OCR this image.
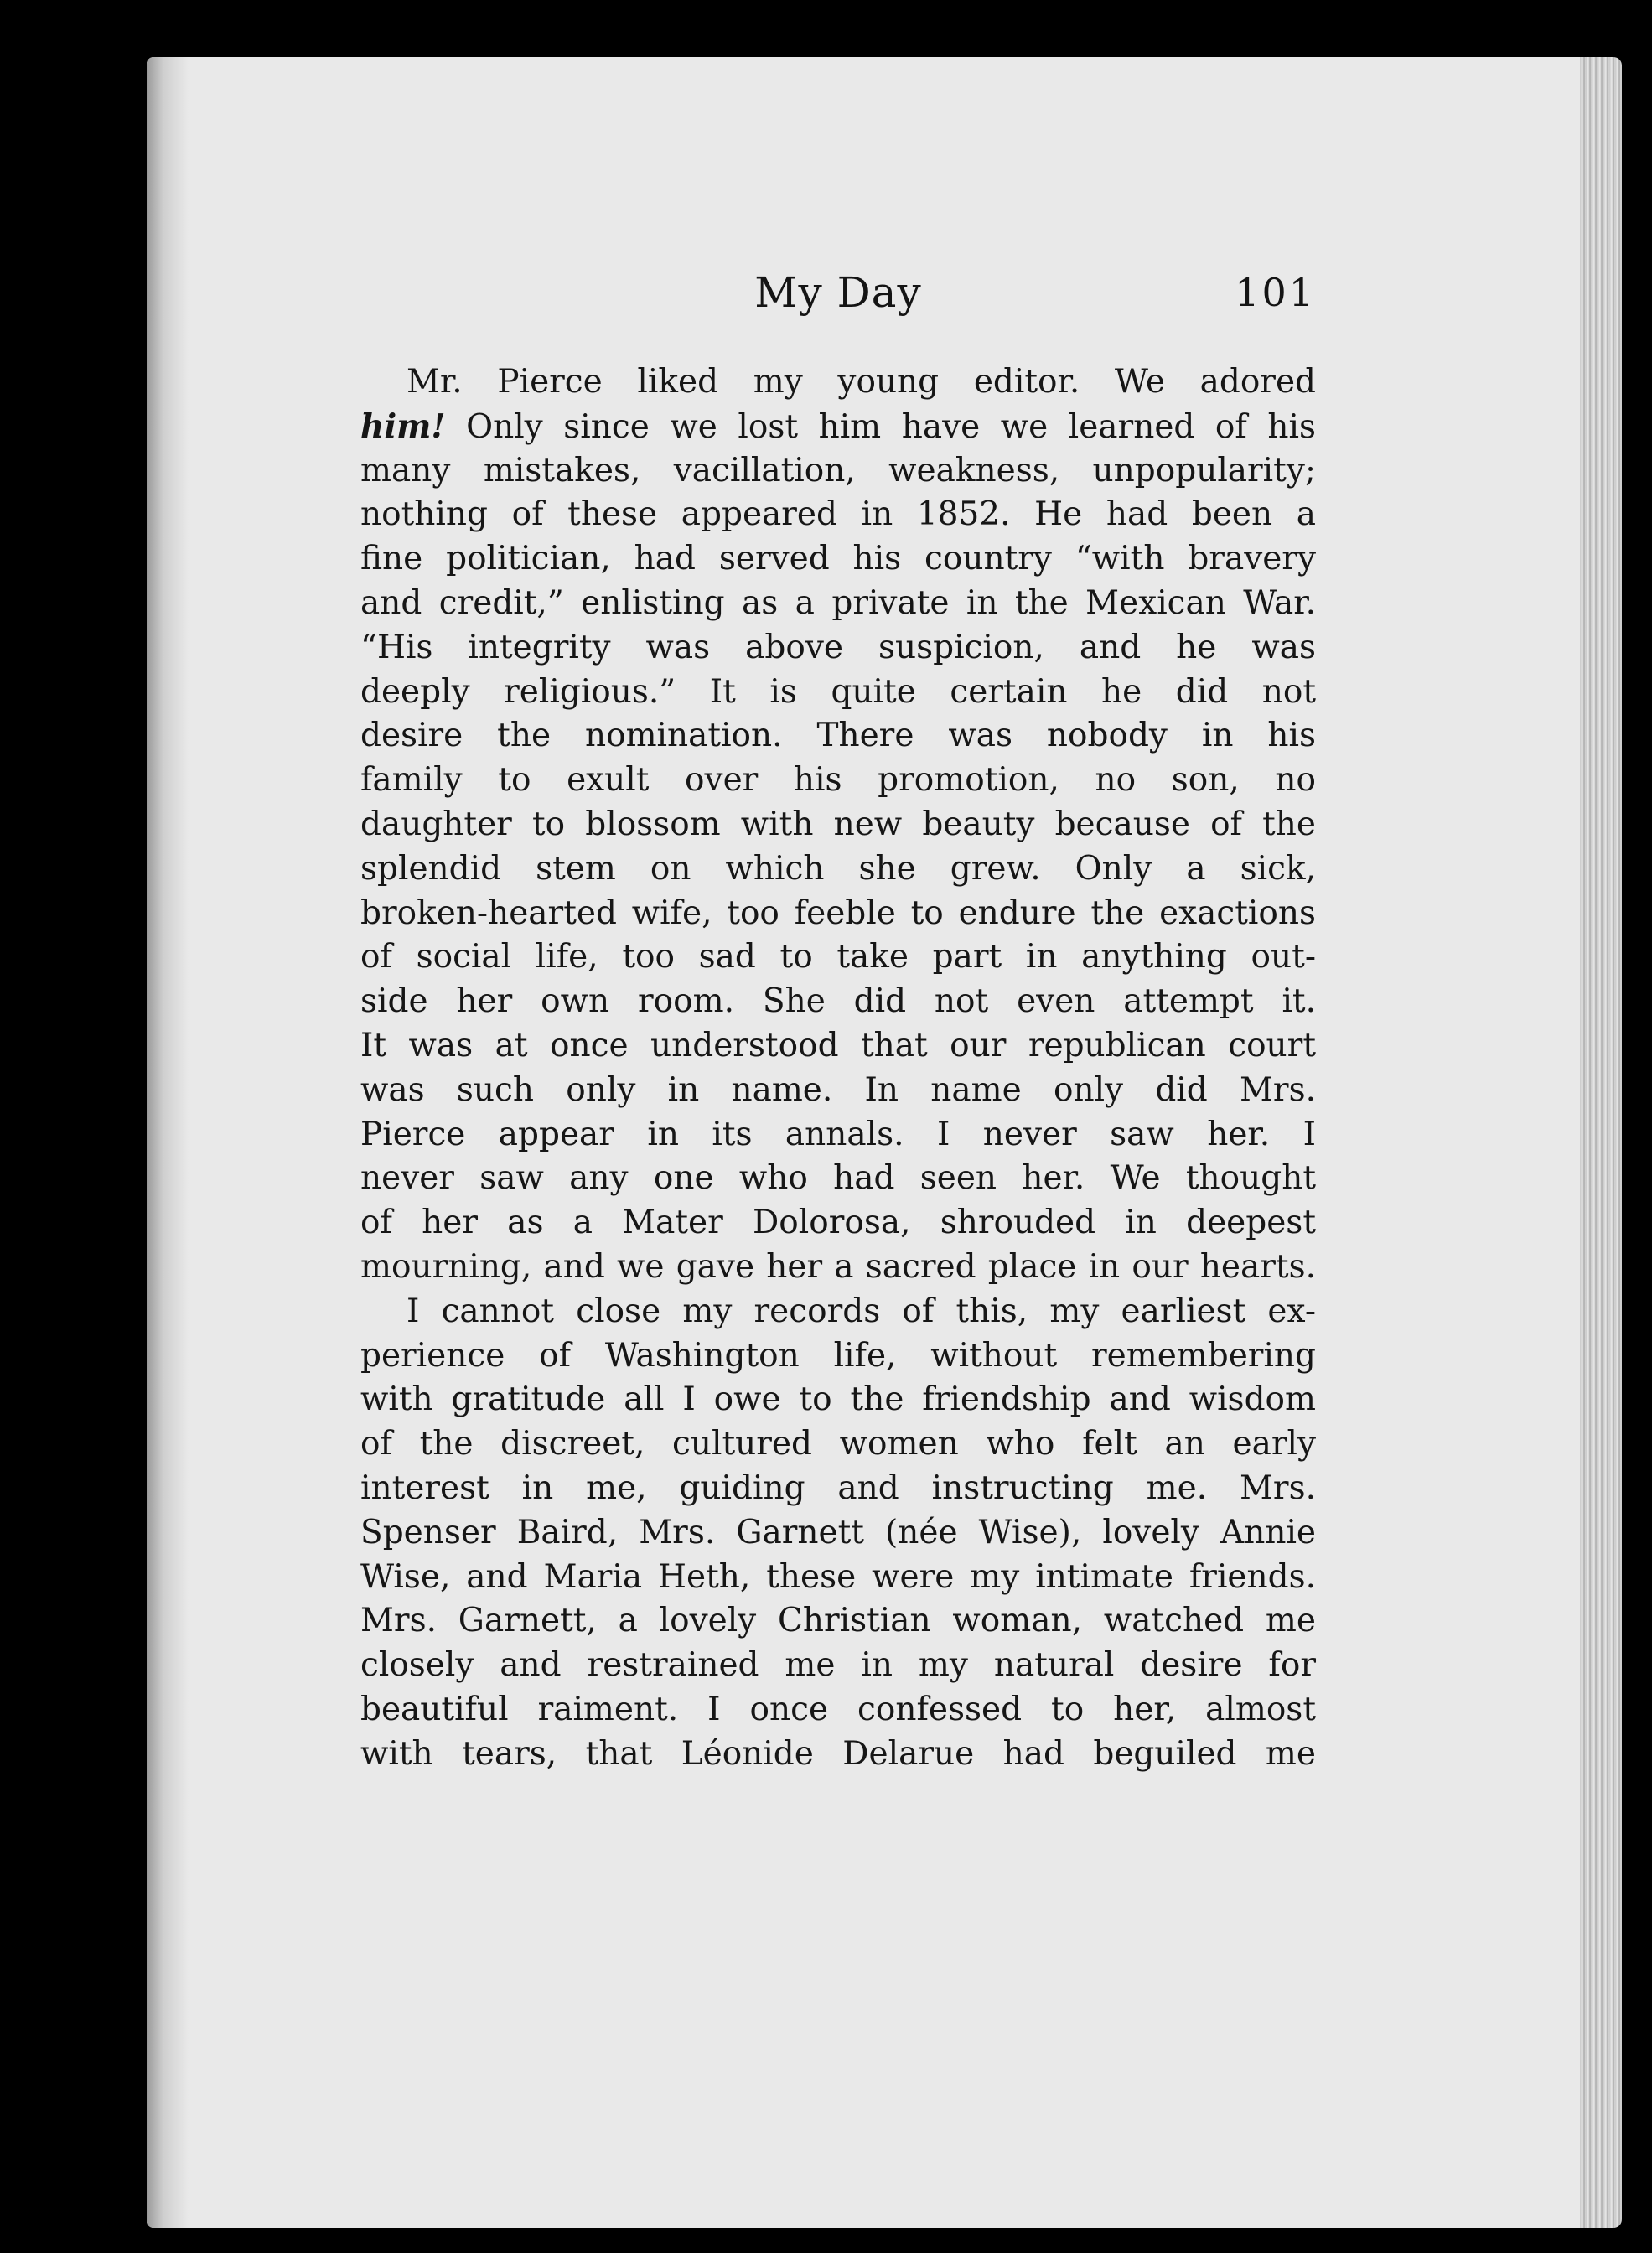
My Day	101
Mr. Pierce liked my young editor. We adored
him! Only since we lost him have we learned of his
many mistakes, vacillation, weakness, unpopularity;
nothing of these appeared in 1852. He had been a
fine politician, had served his country “with bravery
and credit,” enlisting as a private in the Mexican War.
“His integrity was above suspicion, and he was
deeply religious.” It is quite certain he did not
desire the nomination. There was nobody in his
family to exult over his promotion, no son, no
daughter to blossom with new beauty because of the
splendid stem on which she grew. Only a sick,
broken-hearted wife, too feeble to endure the exactions
of social life, too sad to take part in anything out-
side her own room. She did not even attempt it.
It was at once understood that our republican court
was such only in name. In name only did Mrs.
Pierce appear in its annals. I never saw her. I
never saw any one who had seen her. We thought
of her as a Mater Dolorosa, shrouded in deepest
mourning, and we gave her a sacred place in our hearts.
I cannot close my records of this, my earliest ex-
perience of Washington life, without remembering
with gratitude all I owe to the friendship and wisdom
of the discreet, cultured women who felt an early
interest in me, guiding and instructing me. Mrs.
Spenser Baird, Mrs. Garnett (née Wise), lovely Annie
Wise, and Maria Heth, these were my intimate friends.
Mrs. Garnett, a lovely Christian woman, watched me
closely and restrained me in my natural desire for
beautiful raiment. I once confessed to her, almost
with tears, that Léonide Delarue had beguiled me
